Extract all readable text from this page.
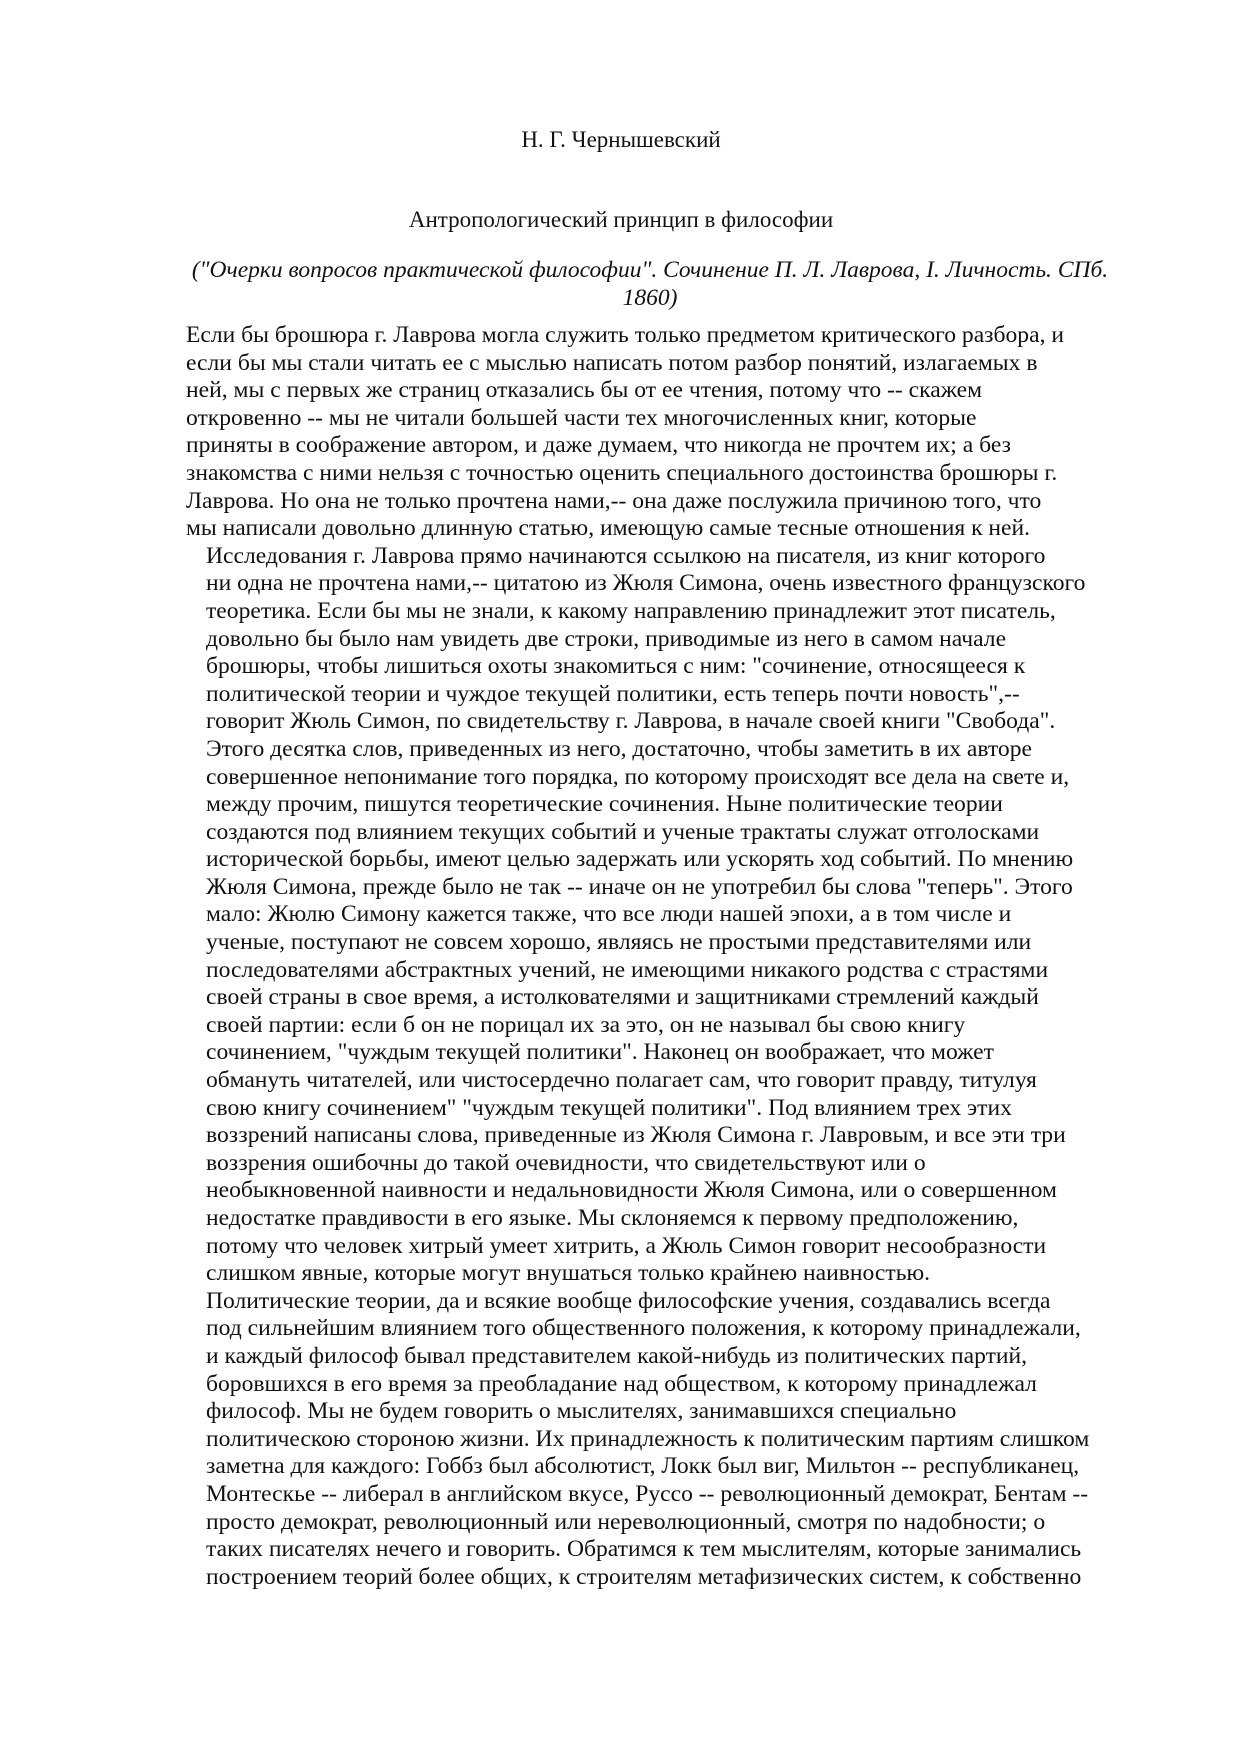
Н. Г. Чернышевский
Антропологический принцип в философии
("Очерки вопросов практической философии". Сочинение П. Л. Лаврова, I. Личность. СПб. 1860)

Если бы брошюра г. Лаврова могла служить только предметом критического разбора, и
если бы мы стали читать ее с мыслью написать потом разбор понятий, излагаемых в
ней, мы с первых же страниц отказались бы от ее чтения, потому что -- скажем
откровенно -- мы не читали большей части тех многочисленных книг, которые
приняты в соображение автором, и даже думаем, что никогда не прочтем их; а без
знакомства с ними нельзя с точностью оценить специального достоинства брошюры г.
Лаврова. Но она не только прочтена нами,-- она даже послужила причиною того, что
мы написали довольно длинную статью, имеющую самые тесные отношения к ней.

Исследования г. Лаврова прямо начинаются ссылкою на писателя, из книг которого
ни одна не прочтена нами,-- цитатою из Жюля Симона, очень известного французского
теоретика. Если бы мы не знали, к какому направлению принадлежит этот писатель,
довольно бы было нам увидеть две строки, приводимые из него в самом начале
брошюры, чтобы лишиться охоты знакомиться с ним: "сочинение, относящееся к
политической теории и чуждое текущей политики, есть теперь почти новость",--
говорит Жюль Симон, по свидетельству г. Лаврова, в начале своей книги "Свобода".
Этого десятка слов, приведенных из него, достаточно, чтобы заметить в их авторе
совершенное непонимание того порядка, по которому происходят все дела на свете и,
между прочим, пишутся теоретические сочинения. Ныне политические теории
создаются под влиянием текущих событий и ученые трактаты служат отголосками
исторической борьбы, имеют целью задержать или ускорять ход событий. По мнению
Жюля Симона, прежде было не так -- иначе он не употребил бы слова "теперь". Этого
мало: Жюлю Симону кажется также, что все люди нашей эпохи, а в том числе и
ученые, поступают не совсем хорошо, являясь не простыми представителями или
последователями абстрактных учений, не имеющими никакого родства с страстями
своей страны в свое время, а истолкователями и защитниками стремлений каждый
своей партии: если б он не порицал их за это, он не называл бы свою книгу
сочинением, "чуждым текущей политики". Наконец он воображает, что может
обмануть читателей, или чистосердечно полагает сам, что говорит правду, титулуя
свою книгу сочинением" "чуждым текущей политики". Под влиянием трех этих
воззрений написаны слова, приведенные из Жюля Симона г. Лавровым, и все эти три
воззрения ошибочны до такой очевидности, что свидетельствуют или о
необыкновенной наивности и недальновидности Жюля Симона, или о совершенном
недостатке правдивости в его языке. Мы склоняемся к первому предположению,
потому что человек хитрый умеет хитрить, а Жюль Симон говорит несообразности
слишком явные, которые могут внушаться только крайнею наивностью.

Политические теории, да и всякие вообще философские учения, создавались всегда
под сильнейшим влиянием того общественного положения, к которому принадлежали,
и каждый философ бывал представителем какой-нибудь из политических партий,
боровшихся в его время за преобладание над обществом, к которому принадлежал
философ. Мы не будем говорить о мыслителях, занимавшихся специально
политическою стороною жизни. Их принадлежность к политическим партиям слишком
заметна для каждого: Гоббз был абсолютист, Локк был виг, Мильтон -- республиканец,
Монтескье -- либерал в английском вкусе, Руссо -- революционный демократ, Бентам --
просто демократ, революционный или нереволюционный, смотря по надобности; о
таких писателях нечего и говорить. Обратимся к тем мыслителям, которые занимались
построением теорий более общих, к строителям метафизических систем, к собственно
